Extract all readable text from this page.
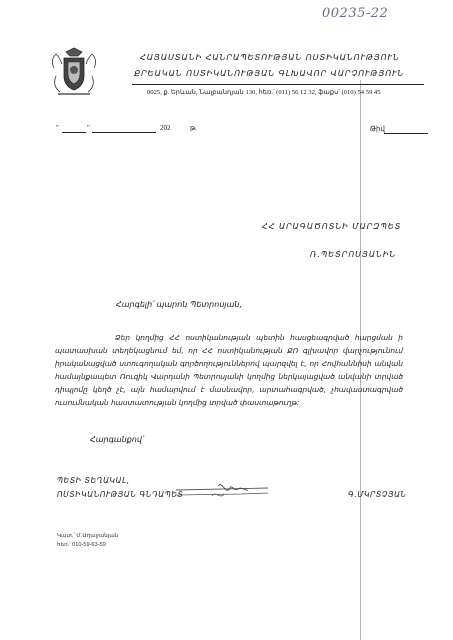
00235-22
ՀԱՅԱՍՏԱՆԻ ՀԱՆՐԱՊԵՏՈՒԹՅԱՆ ՈՍՏԻԿԱՆՈՒԹՅՈՒՆ
ՔՐԵԱԿԱՆ ՈՍՏԻԿԱՆՈՒԹՅԱՆ ԳԼԽԱՎՈՐ ՎԱՐՉՈՒԹՅՈՒՆ
0025, ք. Երևան, Նալբանդյան 130, հեռ.՝ (011) 56 12 32, ֆաքս՝ (010) 54 59 45
"	"	202	թ.	Թիվ
ՀՀ ԱՐԱԳԱԾՈՏՆԻ ՄԱՐԶՊԵՏ
Ռ.ՊԵՏՐՈՍՅԱՆԻՆ
Հարգելի՛ պարոն Պետրոսյան,
Ձեր կողմից ՀՀ ոստիկանության պետին հասցեագրված հարցման ի պատասխան տեղեկացնում եմ, որ ՀՀ ոստիկանության ՔՈ գլխավոր վարչությունում իրականացված ստուգողական գործողություններով պարզվել է, որ Հովհաննիսի անվան համայնքապետ Ռուզիկ Վարդանի Պետրոսյանի կողմից ներկայացված անվանի տրված դիպլոմը կեղծ չէ, այն համարվում է մասնավոր, արտահագրված, չհավաստագրված ուսումնական հաստատության կողմից տրված փաստաթուղթ:
Հարգանքով՝
ՊԵՏԻ ՏԵՂԱԿԱԼ,
ՈՍՏԻԿԱՆՈՒԹՅԱՆ ԳՆԴԱՊԵՏ	Գ.ՄԿՐՏՉՅԱՆ
Կատ.՝ Մ.Աղաջանյան
հեռ.՝ 010-59-63-59
